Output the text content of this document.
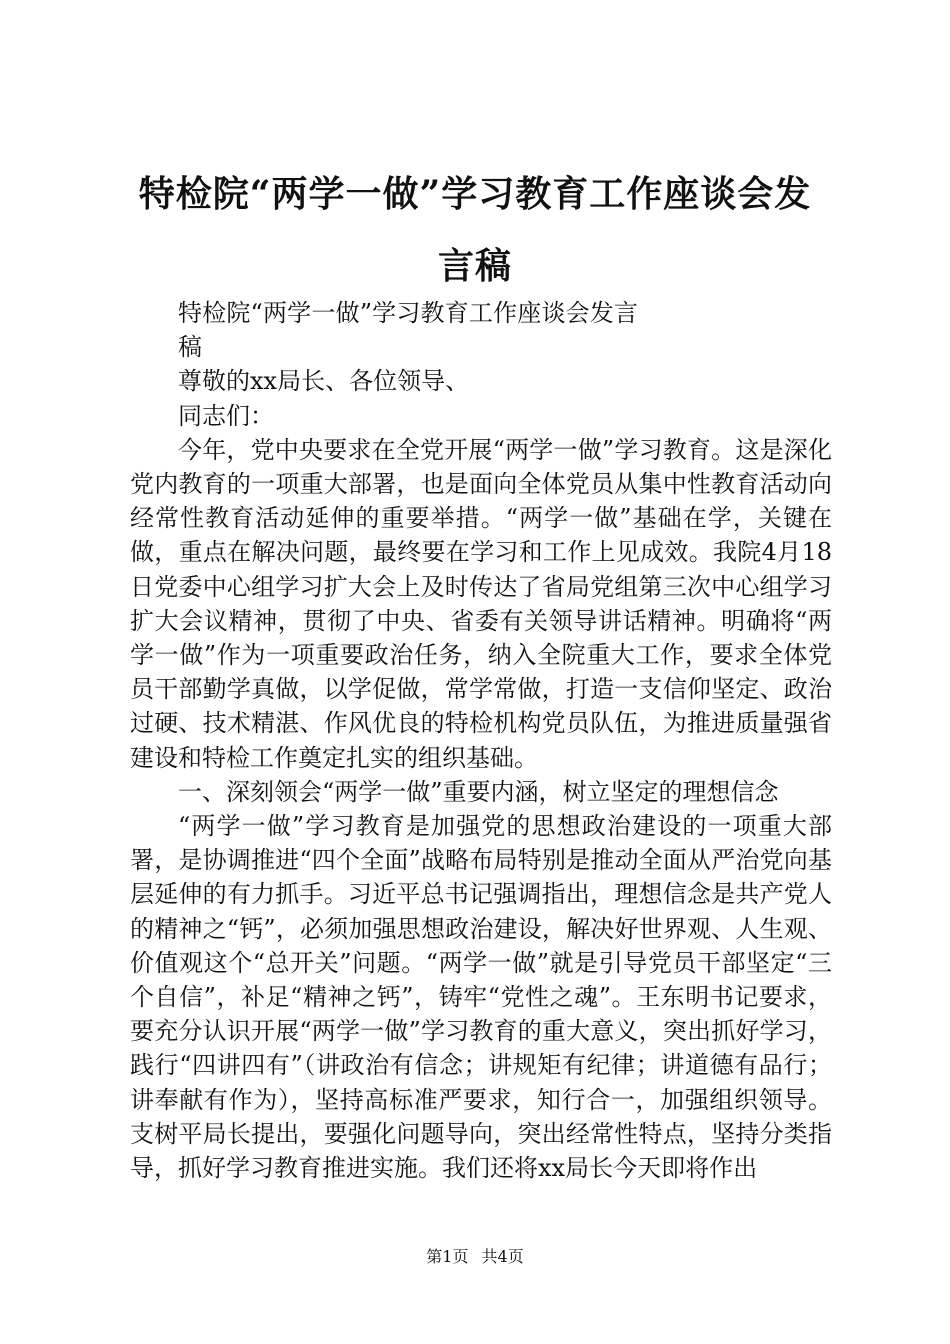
特检院“两学一做”学习教育工作座谈会发言稿

特检院“两学一做”学习教育工作座谈会发言稿

尊敬的xx局长、各位领导、

同志们：

今年，党中央要求在全党开展“两学一做”学习教育。这是深化党内教育的一项重大部署，也是面向全体党员从集中性教育活动向经常性教育活动延伸的重要举措。“两学一做”基础在学，关键在做，重点在解决问题，最终要在学习和工作上见成效。我院4月18日党委中心组学习扩大会上及时传达了省局党组第三次中心组学习扩大会议精神，贯彻了中央、省委有关领导讲话精神。明确将“两学一做”作为一项重要政治任务，纳入全院重大工作，要求全体党员干部勤学真做，以学促做，常学常做，打造一支信仰坚定、政治过硬、技术精湛、作风优良的特检机构党员队伍，为推进质量强省建设和特检工作奠定扎实的组织基础。

一、深刻领会“两学一做”重要内涵，树立坚定的理想信念

“两学一做”学习教育是加强党的思想政治建设的一项重大部署，是协调推进“四个全面”战略布局特别是推动全面从严治党向基层延伸的有力抓手。习近平总书记强调指出，理想信念是共产党人的精神之“钙”，必须加强思想政治建设，解决好世界观、人生观、价值观这个“总开关”问题。“两学一做”就是引导党员干部坚定“三个自信”，补足“精神之钙”，铸牢“党性之魂”。王东明书记要求，要充分认识开展“两学一做”学习教育的重大意义，突出抓好学习，践行“四讲四有”（讲政治有信念；讲规矩有纪律；讲道德有品行；讲奉献有作为），坚持高标准严要求，知行合一，加强组织领导。支树平局长提出，要强化问题导向，突出经常性特点，坚持分类指导，抓好学习教育推进实施。我们还将xx局长今天即将作出

第1页 共4页
